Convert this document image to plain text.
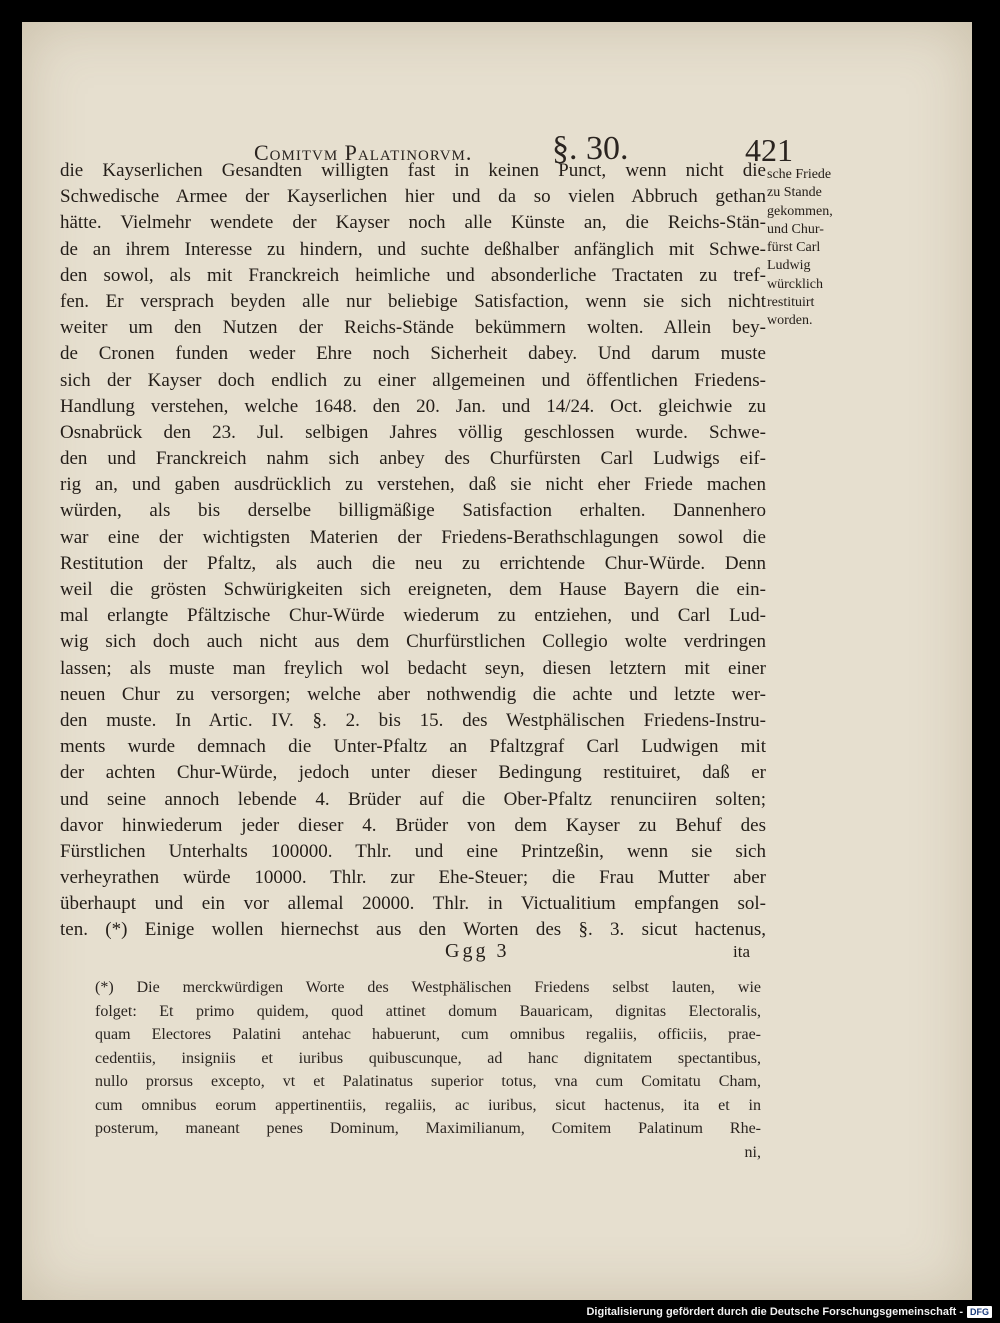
Comitvm Palatinorvm. §. 30.	421
die Kayserlichen Gesandten willigten fast in keinen Punct, wenn nicht die
Schwedische Armee der Kayserlichen hier und da so vielen Abbruch gethan
hätte. Vielmehr wendete der Kayser noch alle Künste an, die Reichs-Stän-
de an ihrem Interesse zu hindern, und suchte deßhalber anfänglich mit Schwe-
den sowol, als mit Franckreich heimliche und absonderliche Tractaten zu tref-
fen. Er versprach beyden alle nur beliebige Satisfaction, wenn sie sich nicht
weiter um den Nutzen der Reichs-Stände bekümmern wolten. Allein bey-
de Cronen funden weder Ehre noch Sicherheit dabey. Und darum muste
sich der Kayser doch endlich zu einer allgemeinen und öffentlichen Friedens-
Handlung verstehen, welche 1648. den 20. Jan. und 14/24. Oct. gleichwie zu
Osnabrück den 23. Jul. selbigen Jahres völlig geschlossen wurde. Schwe-
den und Franckreich nahm sich anbey des Churfürsten Carl Ludwigs eif-
rig an, und gaben ausdrücklich zu verstehen, daß sie nicht eher Friede machen
würden, als bis derselbe billigmäßige Satisfaction erhalten. Dannenhero
war eine der wichtigsten Materien der Friedens-Berathschlagungen sowol die
Restitution der Pfaltz, als auch die neu zu errichtende Chur-Würde. Denn
weil die grösten Schwürigkeiten sich ereigneten, dem Hause Bayern die ein-
mal erlangte Pfältzische Chur-Würde wiederum zu entziehen, und Carl Lud-
wig sich doch auch nicht aus dem Churfürstlichen Collegio wolte verdringen
lassen; als muste man freylich wol bedacht seyn, diesen letztern mit einer
neuen Chur zu versorgen; welche aber nothwendig die achte und letzte wer-
den muste. In Artic. IV. §. 2. bis 15. des Westphälischen Friedens-Instru-
ments wurde demnach die Unter-Pfaltz an Pfaltzgraf Carl Ludwigen mit
der achten Chur-Würde, jedoch unter dieser Bedingung restituiret, daß er
und seine annoch lebende 4. Brüder auf die Ober-Pfaltz renunciiren solten;
davor hinwiederum jeder dieser 4. Brüder von dem Kayser zu Behuf des
Fürstlichen Unterhalts 100000. Thlr. und eine Printzeßin, wenn sie sich
verheyrathen würde 10000. Thlr. zur Ehe-Steuer; die Frau Mutter aber
überhaupt und ein vor allemal 20000. Thlr. in Victualitium empfangen sol-
ten. (*) Einige wollen hiernechst aus den Worten des §. 3. sicut hactenus,
sche Friede
zu Stande
gekommen,
und Chur-
fürst Carl
Ludwig
würcklich
restituirt
worden.
Ggg 3	ita
(*) Die merckwürdigen Worte des Westphälischen Friedens selbst lauten, wie
folget: Et primo quidem, quod attinet domum Bauaricam, dignitas Electoralis,
quam Electores Palatini antehac habuerunt, cum omnibus regaliis, officiis, prae-
cedentiis, insigniis et iuribus quibuscunque, ad hanc dignitatem spectantibus,
nullo prorsus excepto, vt et Palatinatus superior totus, vna cum Comitatu Cham,
cum omnibus eorum appertinentiis, regaliis, ac iuribus, sicut hactenus, ita et in
posterum, maneant penes Dominum, Maximilianum, Comitem Palatinum Rhe-
ni,
Digitalisierung gefördert durch die Deutsche Forschungsgemeinschaft - DFG
